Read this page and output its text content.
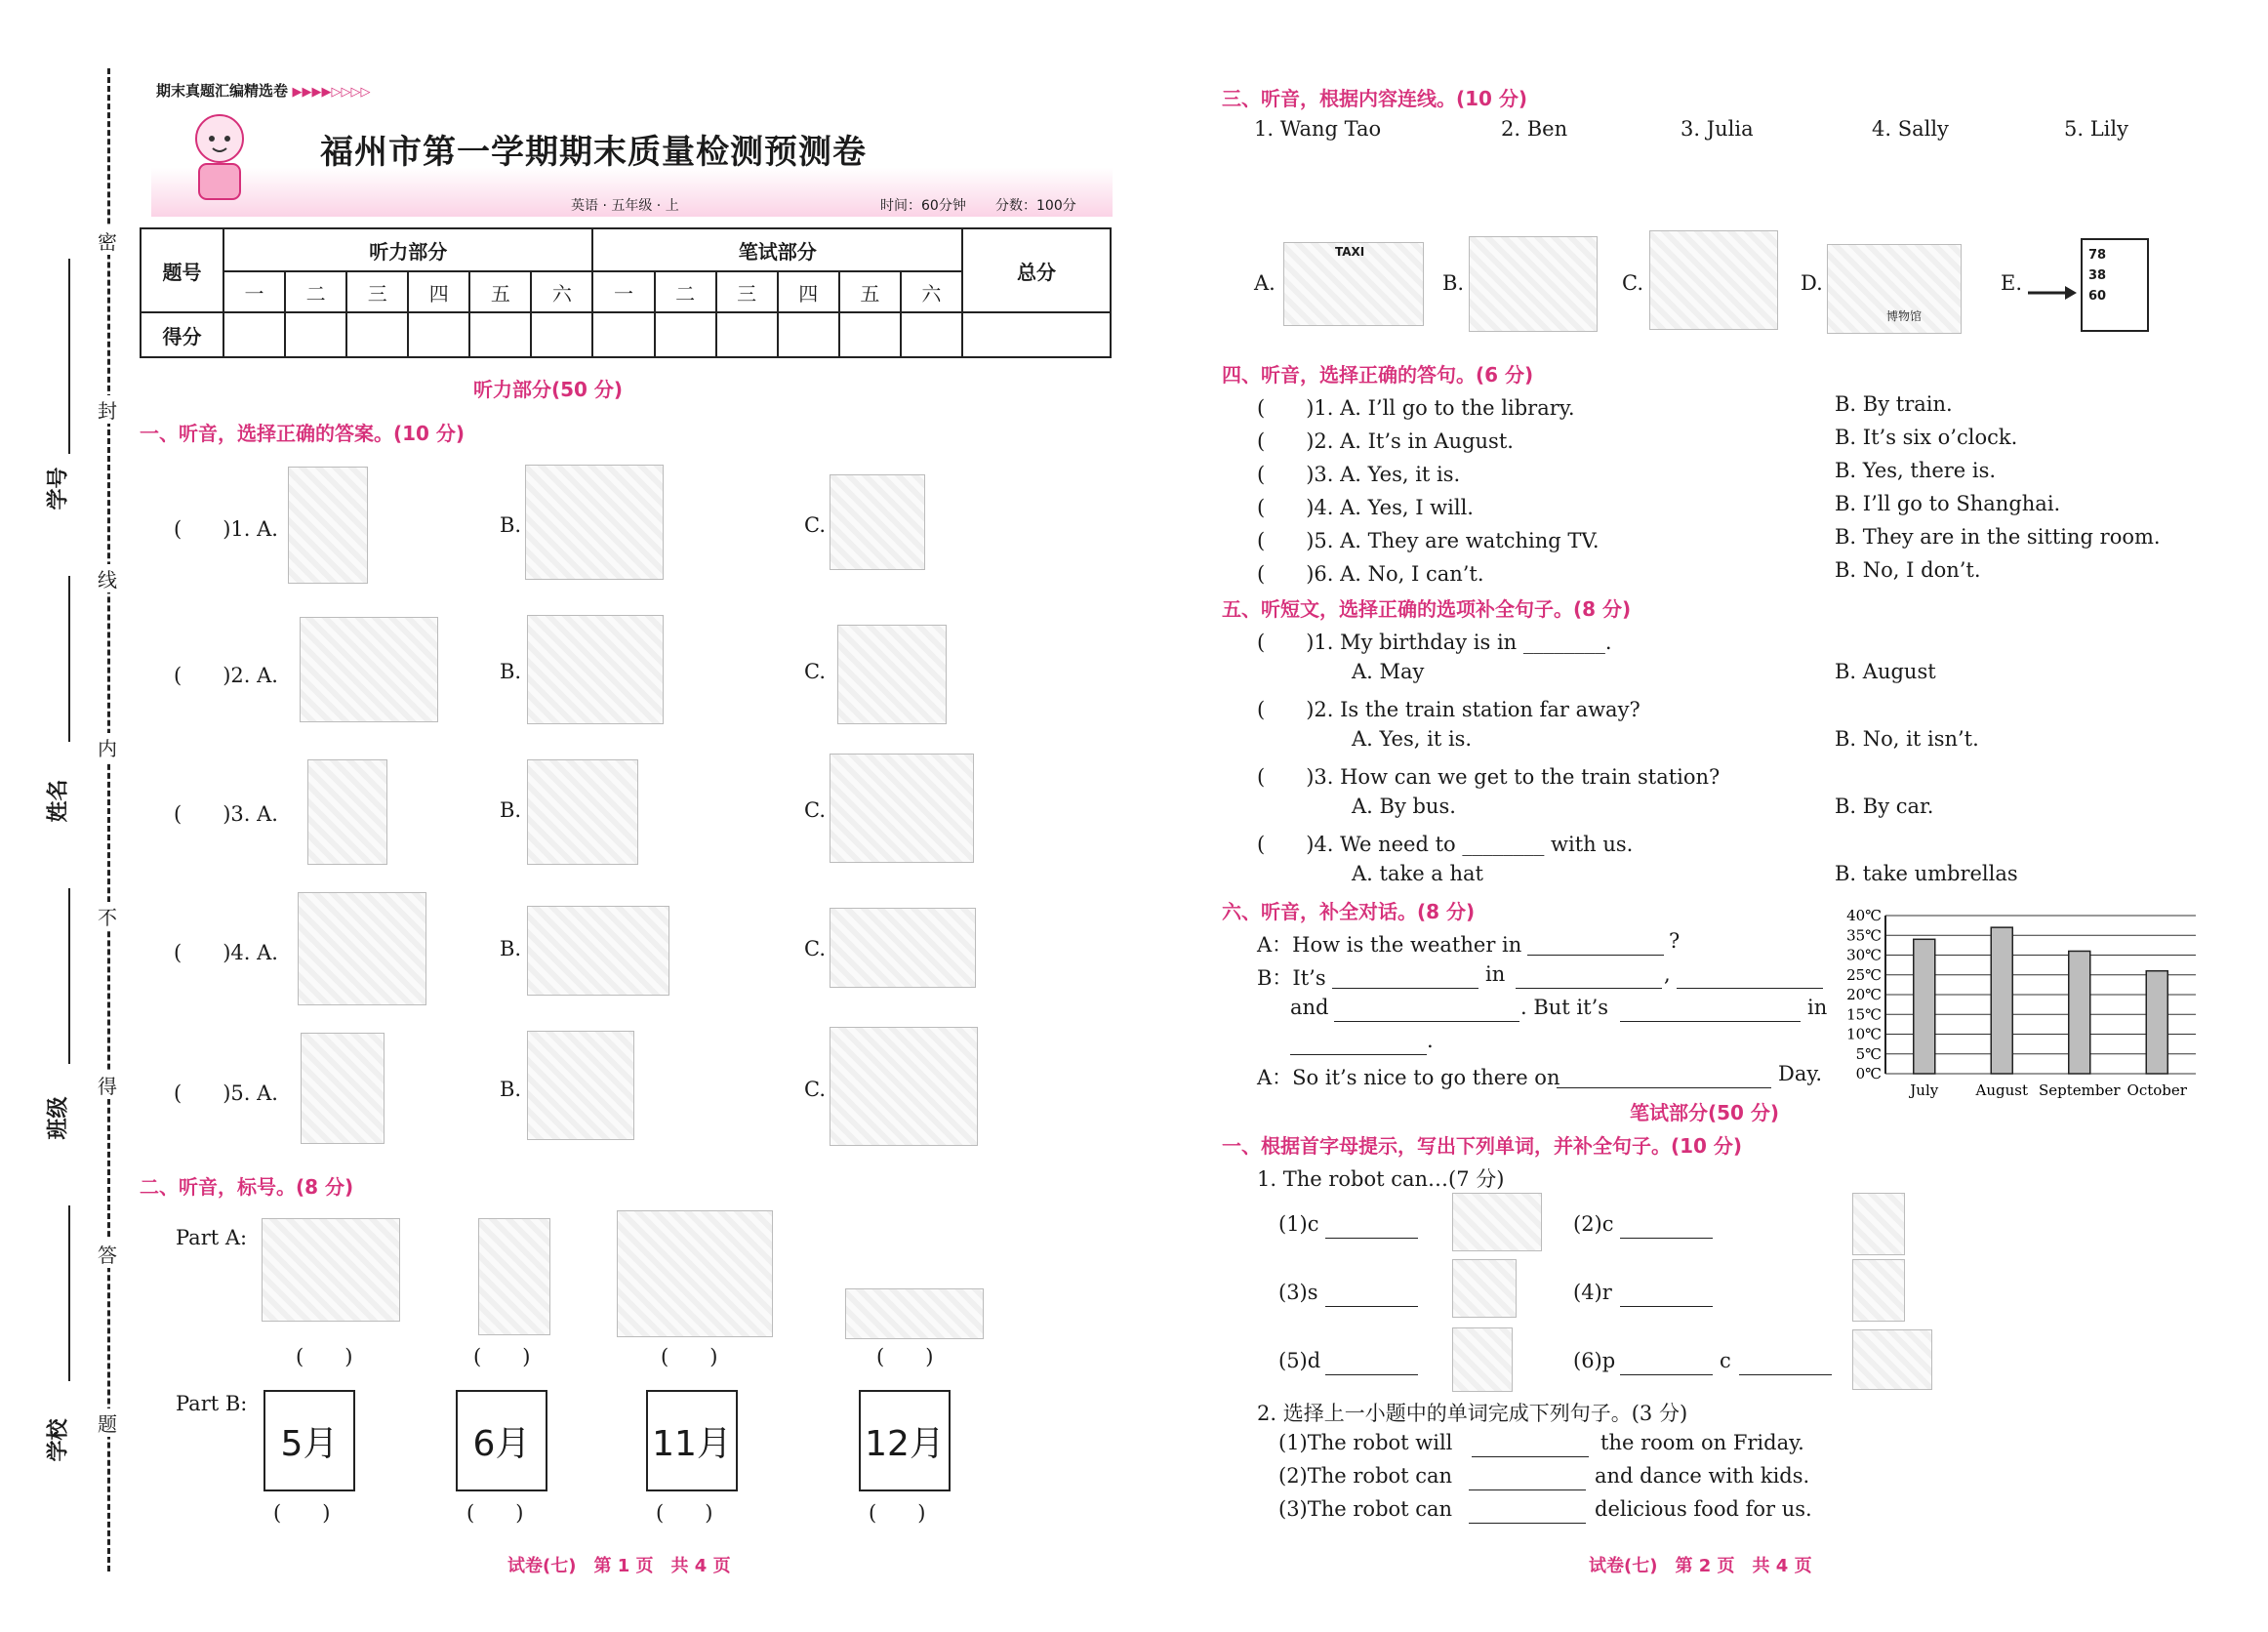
密
封
线
内
不
得
答
题
学号
姓名
班级
学校
期末真题汇编精选卷 ▶▶▶▶▷▷▷▷
福州市第一学期期末质量检测预测卷
英语 · 五年级 · 上	时间：60分钟 分数：100分
题号	听力部分						笔试部分						总分
	一	二	三	四	五	六	一	二	三	四	五	六	
得分													
听力部分(50 分)
一、听音，选择正确的答案。(10 分)
(　　)1. A.	B.	C.
(　　)2. A.	B.	C.
(　　)3. A.	B.	C.
(　　)4. A.	B.	C.
(　　)5. A.	B.	C.
二、听音，标号。(8 分)
Part A:
(　　)	(　　)	(　　)	(　　)
Part B:
5月	6月	11月	12月
(　　)	(　　)	(　　)	(　　)
试卷(七)　第 1 页　共 4 页
三、听音，根据内容连线。(10 分)
1. Wang Tao	2. Ben	3. Julia	4. Sally	5. Lily
A.
TAXI
B.	C.	D.
博物馆
E.
78
38
60
四、听音，选择正确的答句。(6 分)
(　　)1. A. I’ll go to the library.	B. By train.
(　　)2. A. It’s in August.	B. It’s six o’clock.
(　　)3. A. Yes, it is.	B. Yes, there is.
(　　)4. A. Yes, I will.	B. I’ll go to Shanghai.
(　　)5. A. They are watching TV.	B. They are in the sitting room.
(　　)6. A. No, I can’t.	B. No, I don’t.
五、听短文，选择正确的选项补全句子。(8 分)
(　　)1. My birthday is in ________.
A. May	B. August
(　　)2. Is the train station far away?
A. Yes, it is.	B. No, it isn’t.
(　　)3. How can we get to the train station?
A. By bus.	B. By car.
(　　)4. We need to ________ with us.
A. take a hat	B. take umbrellas
六、听音，补全对话。(8 分)
A：How is the weather in	?
B：It’s	in	,
and	. But it’s	in
.
A：So it’s nice to go there on	Day.
40℃
35℃
30℃
25℃
20℃
15℃
10℃
5℃
0℃
July	August September October
笔试部分(50 分)
一、根据首字母提示，写出下列单词，并补全句子。(10 分)
1. The robot can…(7 分)
(1)c	(2)c
(3)s	(4)r
(5)d	(6)p	c
2. 选择上一小题中的单词完成下列句子。(3 分)
(1)The robot will	the room on Friday.
(2)The robot can	and dance with kids.
(3)The robot can	delicious food for us.
试卷(七)　第 2 页　共 4 页
